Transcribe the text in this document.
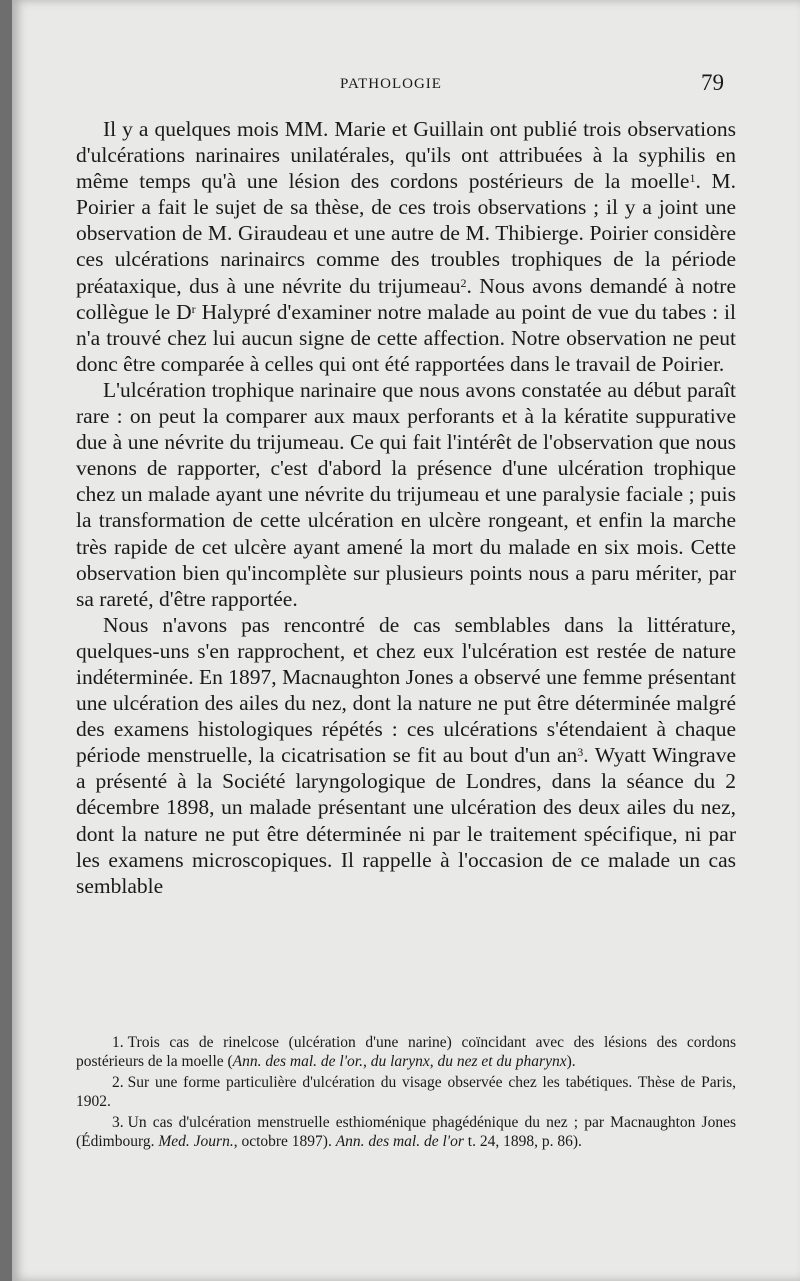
PATHOLOGIE	79

Il y a quelques mois MM. Marie et Guillain ont publié trois observations d'ulcérations narinaires unilatérales, qu'ils ont attribuées à la syphilis en même temps qu'à une lésion des cordons postérieurs de la moelle$^1$. M. Poirier a fait le sujet de sa thèse, de ces trois observations ; il y a joint une observation de M. Giraudeau et une autre de M. Thibierge. Poirier considère ces ulcérations narinaircs comme des troubles trophiques de la période préataxique, dus à une névrite du trijumeau$^2$. Nous avons demandé à notre collègue le $D^r$ Halypré d'examiner notre malade au point de vue du tabes : il n'a trouvé chez lui aucun signe de cette affection. Notre observation ne peut donc être comparée à celles qui ont été rapportées dans le travail de Poirier.

L'ulcération trophique narinaire que nous avons constatée au début paraît rare : on peut la comparer aux maux perforants et à la kératite suppurative due à une névrite du trijumeau. Ce qui fait l'intérêt de l'observation que nous venons de rapporter, c'est d'abord la présence d'une ulcération trophique chez un malade ayant une névrite du trijumeau et une paralysie faciale ; puis la transformation de cette ulcération en ulcère rongeant, et enfin la marche très rapide de cet ulcère ayant amené la mort du malade en six mois. Cette observation bien qu'incomplète sur plusieurs points nous a paru mériter, par sa rareté, d'être rapportée.

Nous n'avons pas rencontré de cas semblables dans la littérature, quelques-uns s'en rapprochent, et chez eux l'ulcération est restée de nature indéterminée. En 1897, Macnaughton Jones a observé une femme présentant une ulcération des ailes du nez, dont la nature ne put être déterminée malgré des examens histologiques répétés : ces ulcérations s'étendaient à chaque période menstruelle, la cicatrisation se fit au bout d'un $an^3$. Wyatt Wingrave a présenté à la Société laryngologique de Londres, dans la séance du 2 décembre 1898, un malade présentant une ulcération des deux ailes du nez, dont la nature ne put être déterminée ni par le traitement spécifique, ni par les examens microscopiques. Il rappelle à l'occasion de ce malade un cas semblable

1. Trois cas de rinelcose (ulcération d'une narine) coïncidant avec des lésions des cordons postérieurs de la moelle (Ann. des mal. de l'or., du larynx, du nez et du pharynx).

2. Sur une forme particulière d'ulcération du visage observée chez les tabétiques. Thèse de Paris, 1902.

3. Un cas d'ulcération menstruelle esthioménique phagédénique du nez ; par Macnaughton Jones (Édimbourg. Med. Journ., octobre 1897). Ann. des mal. de l'or t. 24, 1898, p. 86).
